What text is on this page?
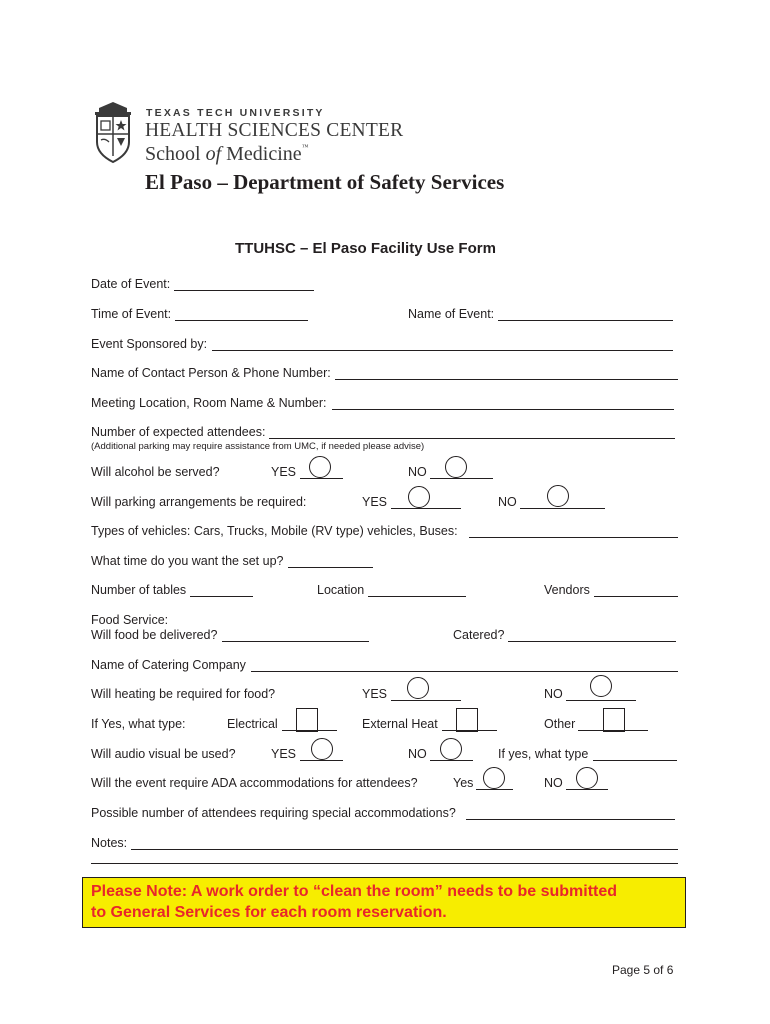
TEXAS TECH UNIVERSITY
HEALTH SCIENCES CENTER
School of Medicine™
El Paso – Department of Safety Services
TTUHSC – El Paso Facility Use Form
Date of Event:
Time of Event:	Name of Event:
Event Sponsored by:
Name of Contact Person & Phone Number:
Meeting Location, Room Name & Number:
Number of expected attendees:
(Additional parking may require assistance from UMC, if needed please advise)
Will alcohol be served?	YES	NO
Will parking arrangements be required:	YES	NO
Types of vehicles: Cars, Trucks, Mobile (RV type) vehicles, Buses:
What time do you want the set up?
Number of tables	Location	Vendors
Food Service:
Will food be delivered?	Catered?
Name of Catering Company
Will heating be required for food?	YES	NO
If Yes, what type:	Electrical	External Heat	Other
Will audio visual be used?	YES	NO	If yes, what type
Will the event require ADA accommodations for attendees?	Yes	NO
Possible number of attendees requiring special accommodations?
Notes:
Please Note: A work order to “clean the room” needs to be submitted
to General Services for each room reservation.
Page 5 of 6
